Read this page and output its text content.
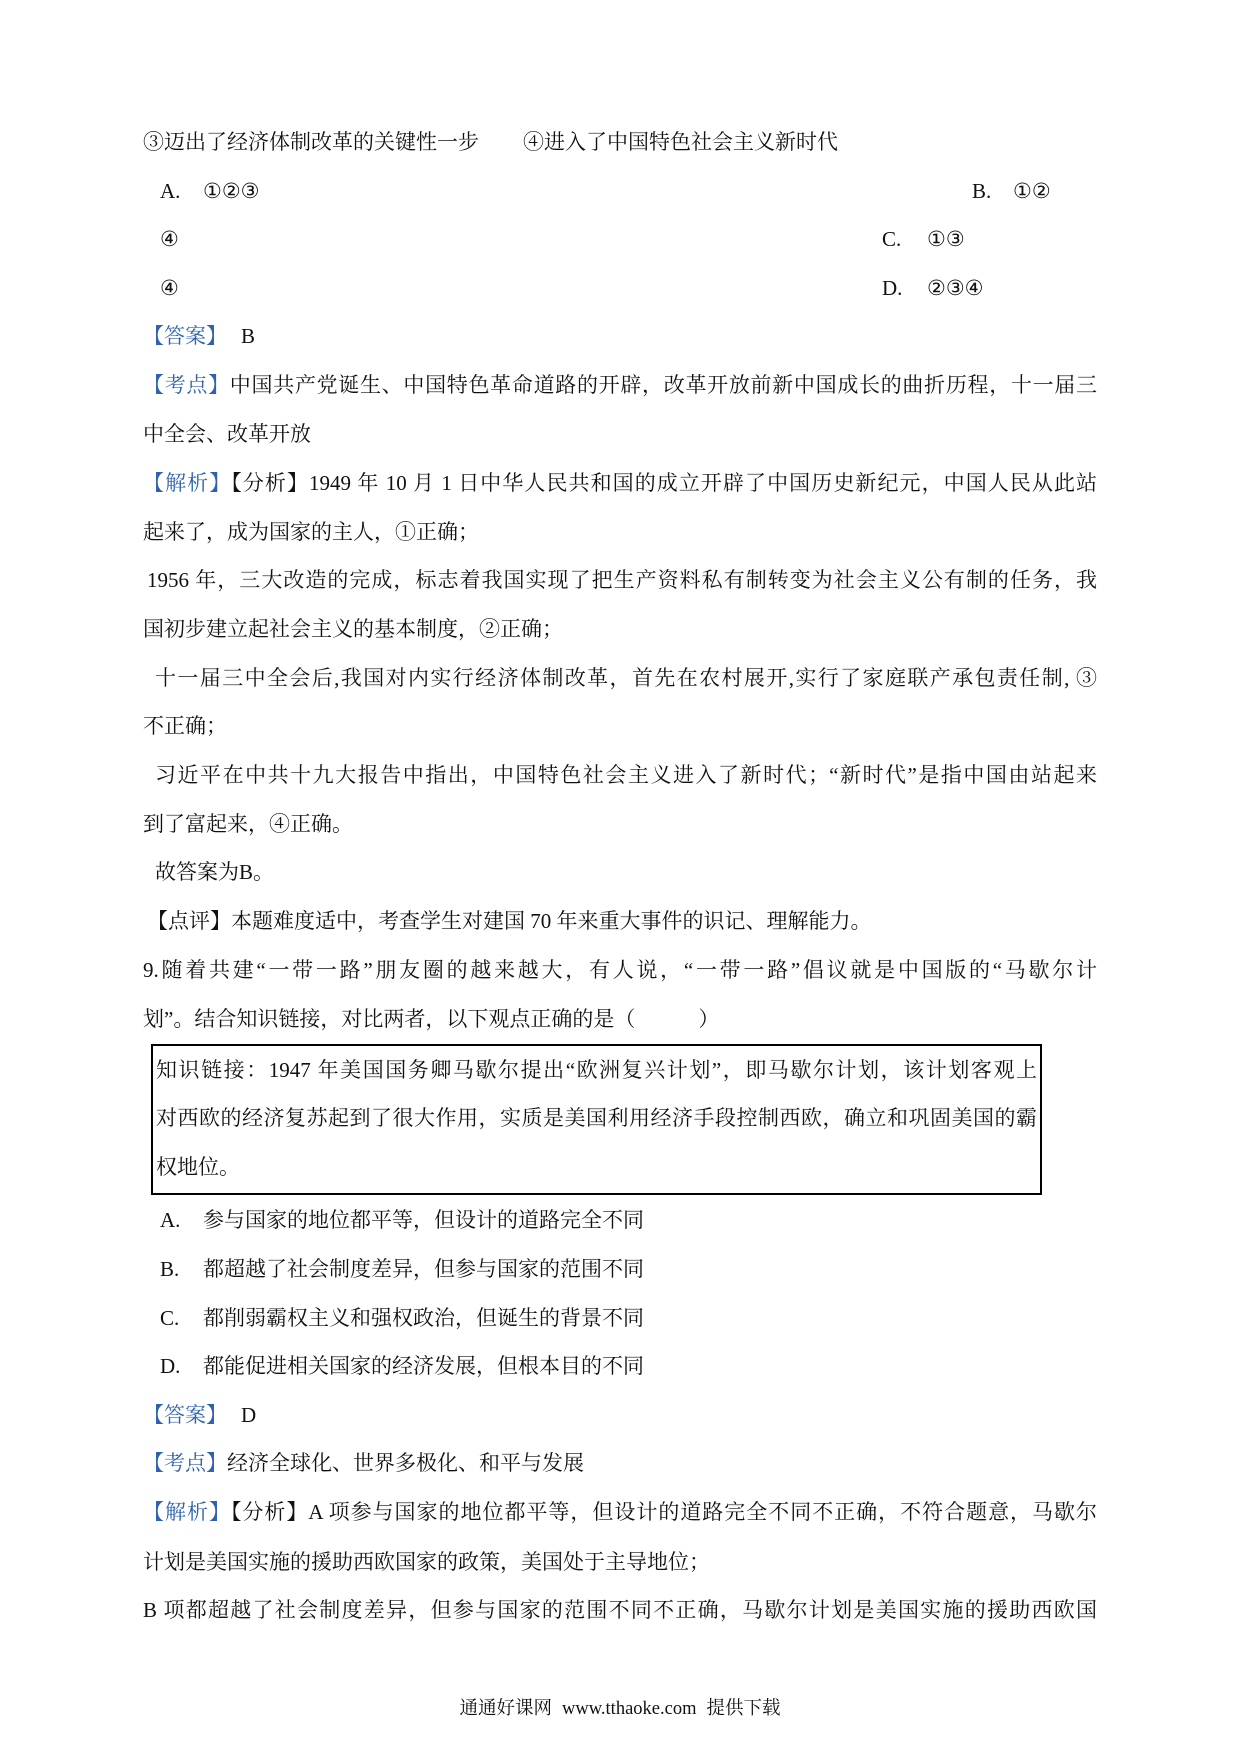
③迈出了经济体制改革的关键性一步 ④进入了中国特色社会主义新时代
A. ①②③	B. ①②
④	C. ①③
④	D. ②③④
【答案】 B
【考点】中国共产党诞生、中国特色革命道路的开辟，改革开放前新中国成长的曲折历程，十一届三
中全会、改革开放
【解析】【分析】1949 年 10 月 1 日中华人民共和国的成立开辟了中国历史新纪元，中国人民从此站
起来了，成为国家的主人，①正确；
1956 年，三大改造的完成，标志着我国实现了把生产资料私有制转变为社会主义公有制的任务，我
国初步建立起社会主义的基本制度，②正确；
十一届三中全会后,我国对内实行经济体制改革，首先在农村展开,实行了家庭联产承包责任制, ③
不正确；
习近平在中共十九大报告中指出，中国特色社会主义进入了新时代；“新时代”是指中国由站起来
到了富起来，④正确。
故答案为B。
【点评】本题难度适中，考查学生对建国 70 年来重大事件的识记、理解能力。
9.随着共建“一带一路”朋友圈的越来越大，有人说，“一带一路”倡议就是中国版的“马歇尔计
划”。结合知识链接，对比两者，以下观点正确的是（            ）
知识链接：1947 年美国国务卿马歇尔提出“欧洲复兴计划”，即马歇尔计划，该计划客观上
对西欧的经济复苏起到了很大作用，实质是美国利用经济手段控制西欧，确立和巩固美国的霸
权地位。
A. 参与国家的地位都平等，但设计的道路完全不同
B. 都超越了社会制度差异，但参与国家的范围不同
C. 都削弱霸权主义和强权政治，但诞生的背景不同
D. 都能促进相关国家的经济发展，但根本目的不同
【答案】 D
【考点】经济全球化、世界多极化、和平与发展
【解析】【分析】A 项参与国家的地位都平等，但设计的道路完全不同不正确，不符合题意，马歇尔
计划是美国实施的援助西欧国家的政策，美国处于主导地位；
B 项都超越了社会制度差异，但参与国家的范围不同不正确，马歇尔计划是美国实施的援助西欧国
通通好课网 www.tthaoke.com 提供下载
